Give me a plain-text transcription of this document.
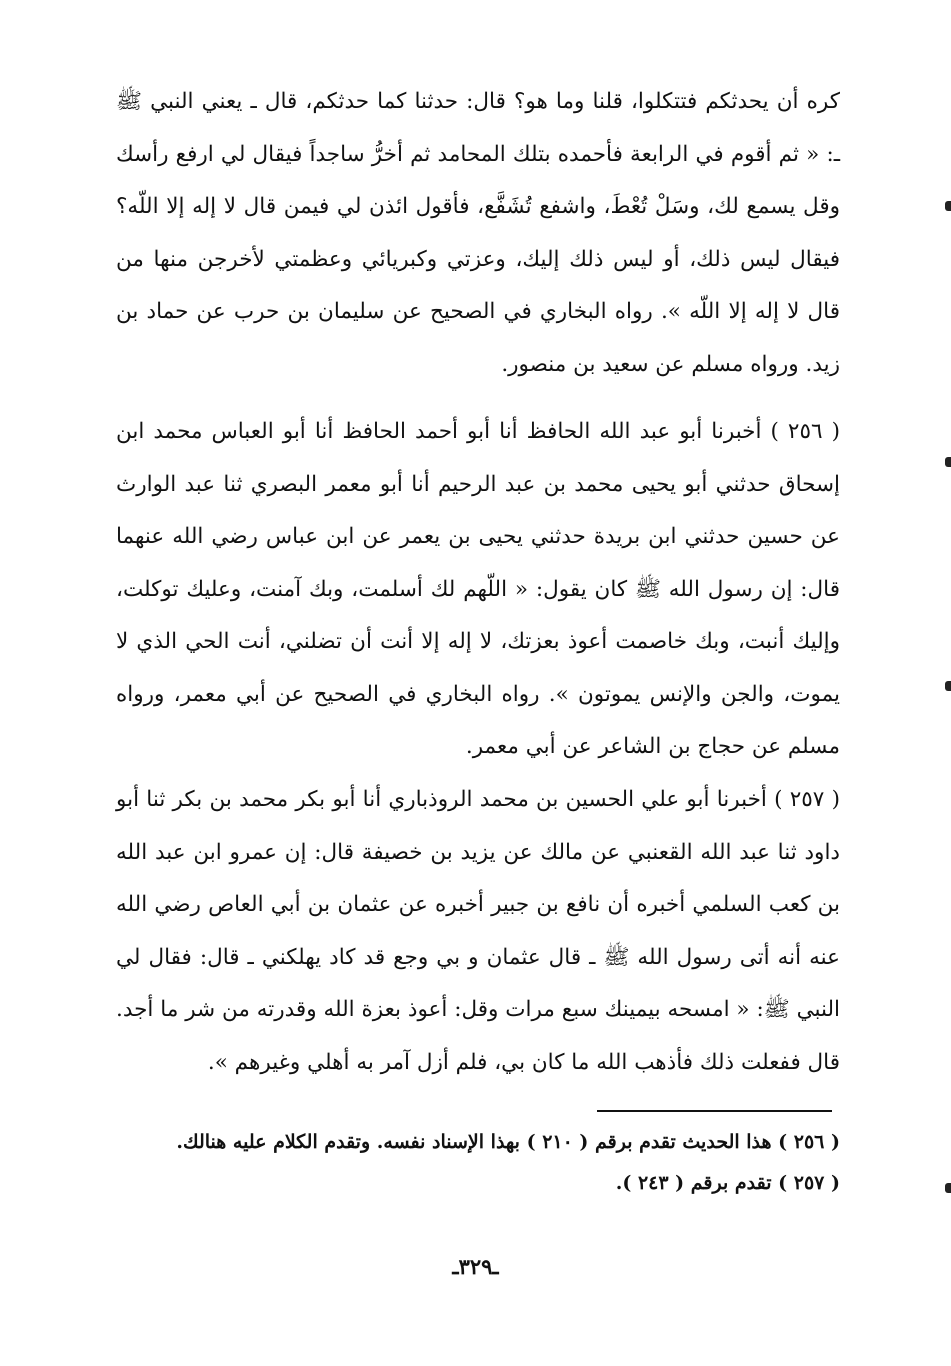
كره أن يحدثكم فتتكلوا، قلنا وما هو؟ قال: حدثنا كما حدثكم، قال ـ يعني النبي ﷺ ـ: « ثم أقوم في الرابعة فأحمده بتلك المحامد ثم أخرُّ ساجداً فيقال لي ارفع رأسك وقل يسمع لك، وسَلْ تُعْطَ، واشفع تُشَفَّع، فأقول ائذن لي فيمن قال لا إله إلا اللّه؟ فيقال ليس ذلك، أو ليس ذلك إليك، وعزتي وكبريائي وعظمتي لأخرجن منها من قال لا إله إلا اللّه ». رواه البخاري في الصحيح عن سليمان بن حرب عن حماد بن زيد. ورواه مسلم عن سعيد بن منصور.

( ٢٥٦ ) أخبرنا أبو عبد الله الحافظ أنا أبو أحمد الحافظ أنا أبو العباس محمد ابن إسحاق حدثني أبو يحيى محمد بن عبد الرحيم أنا أبو معمر البصري ثنا عبد الوارث عن حسين حدثني ابن بريدة حدثني يحيى بن يعمر عن ابن عباس رضي الله عنهما قال: إن رسول الله ﷺ كان يقول: « اللّهم لك أسلمت، وبك آمنت، وعليك توكلت، وإليك أنبت، وبك خاصمت أعوذ بعزتك، لا إله إلا أنت أن تضلني، أنت الحي الذي لا يموت، والجن والإنس يموتون ». رواه البخاري في الصحيح عن أبي معمر، ورواه مسلم عن حجاج بن الشاعر عن أبي معمر.

( ٢٥٧ ) أخبرنا أبو علي الحسين بن محمد الروذباري أنا أبو بكر محمد بن بكر ثنا أبو داود ثنا عبد الله القعنبي عن مالك عن يزيد بن خصيفة قال: إن عمرو ابن عبد الله بن كعب السلمي أخبره أن نافع بن جبير أخبره عن عثمان بن أبي العاص رضي الله عنه أنه أتى رسول الله ﷺ ـ قال عثمان و بي وجع قد كاد يهلكني ـ قال: فقال لي النبي ﷺ: « امسحه بيمينك سبع مرات وقل: أعوذ بعزة الله وقدرته من شر ما أجد. قال ففعلت ذلك فأذهب الله ما كان بي، فلم أزل آمر به أهلي وغيرهم ».

( ٢٥٦ ) هذا الحديث تقدم برقم ( ٢١٠ ) بهذا الإسناد نفسه. وتقدم الكلام عليه هنالك.

( ٢٥٧ ) تقدم برقم ( ٢٤٣ ).

ـ٣٢٩ـ
